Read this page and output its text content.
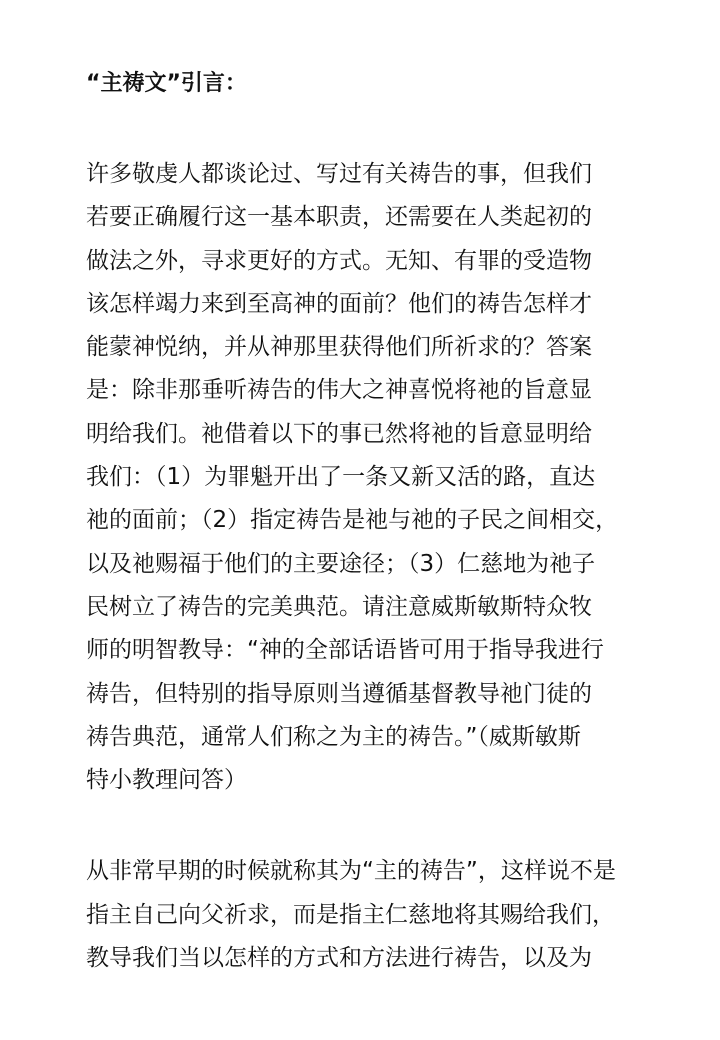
“主祷文”引言：
许多敬虔人都谈论过、写过有关祷告的事，但我们
若要正确履行这一基本职责，还需要在人类起初的
做法之外，寻求更好的方式。无知、有罪的受造物
该怎样竭力来到至高神的面前？他们的祷告怎样才
能蒙神悦纳，并从神那里获得他们所祈求的？答案
是：除非那垂听祷告的伟大之神喜悦将祂的旨意显
明给我们。祂借着以下的事已然将祂的旨意显明给
我们：（1）为罪魁开出了一条又新又活的路，直达
祂的面前；（2）指定祷告是祂与祂的子民之间相交，
以及祂赐福于他们的主要途径；（3）仁慈地为祂子
民树立了祷告的完美典范。请注意威斯敏斯特众牧
师的明智教导：“神的全部话语皆可用于指导我进行
祷告，但特别的指导原则当遵循基督教导祂门徒的
祷告典范，通常人们称之为主的祷告。”（威斯敏斯
特小教理问答）
从非常早期的时候就称其为“主的祷告”，这样说不是
指主自己向父祈求，而是指主仁慈地将其赐给我们，
教导我们当以怎样的方式和方法进行祷告，以及为
